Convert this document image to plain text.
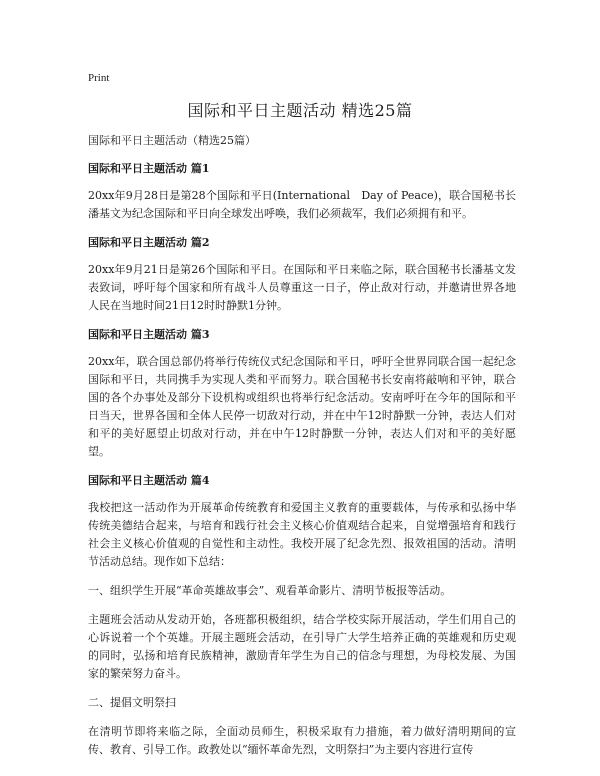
Print
国际和平日主题活动 精选25篇

国际和平日主题活动（精选25篇）

国际和平日主题活动 篇1

20xx年9月28日是第28个国际和平日(International　Day of Peace)，联合国秘书长潘基文为纪念国际和平日向全球发出呼唤，我们必须裁军，我们必须拥有和平。

国际和平日主题活动 篇2

20xx年9月21日是第26个国际和平日。在国际和平日来临之际，联合国秘书长潘基文发表致词，呼吁每个国家和所有战斗人员尊重这一日子，停止敌对行动，并邀请世界各地人民在当地时间21日12时时静默1分钟。

国际和平日主题活动 篇3

20xx年，联合国总部仍将举行传统仪式纪念国际和平日，呼吁全世界同联合国一起纪念国际和平日，共同携手为实现人类和平而努力。联合国秘书长安南将敲响和平钟，联合国的各个办事处及部分下设机构或组织也将举行纪念活动。安南呼吁在今年的国际和平日当天，世界各国和全体人民停一切敌对行动，并在中午12时静默一分钟，表达人们对和平的美好愿望止切敌对行动，并在中午12时静默一分钟，表达人们对和平的美好愿望。

国际和平日主题活动 篇4

我校把这一活动作为开展革命传统教育和爱国主义教育的重要载体，与传承和弘扬中华传统美德结合起来，与培育和践行社会主义核心价值观结合起来，自觉增强培育和践行社会主义核心价值观的自觉性和主动性。我校开展了纪念先烈、报效祖国的活动。清明节活动总结。现作如下总结：

一、组织学生开展“革命英雄故事会”、观看革命影片、清明节板报等活动。

主题班会活动从发动开始，各班都积极组织，结合学校实际开展活动，学生们用自己的心诉说着一个个英雄。开展主题班会活动，在引导广大学生培养正确的英雄观和历史观的同时，弘扬和培育民族精神，激励青年学生为自己的信念与理想，为母校发展、为国家的繁荣努力奋斗。

二、提倡文明祭扫

在清明节即将来临之际，全面动员师生，积极采取有力措施，着力做好清明期间的宣传、教育、引导工作。政教处以“缅怀革命先烈，文明祭扫”为主要内容进行宣传
